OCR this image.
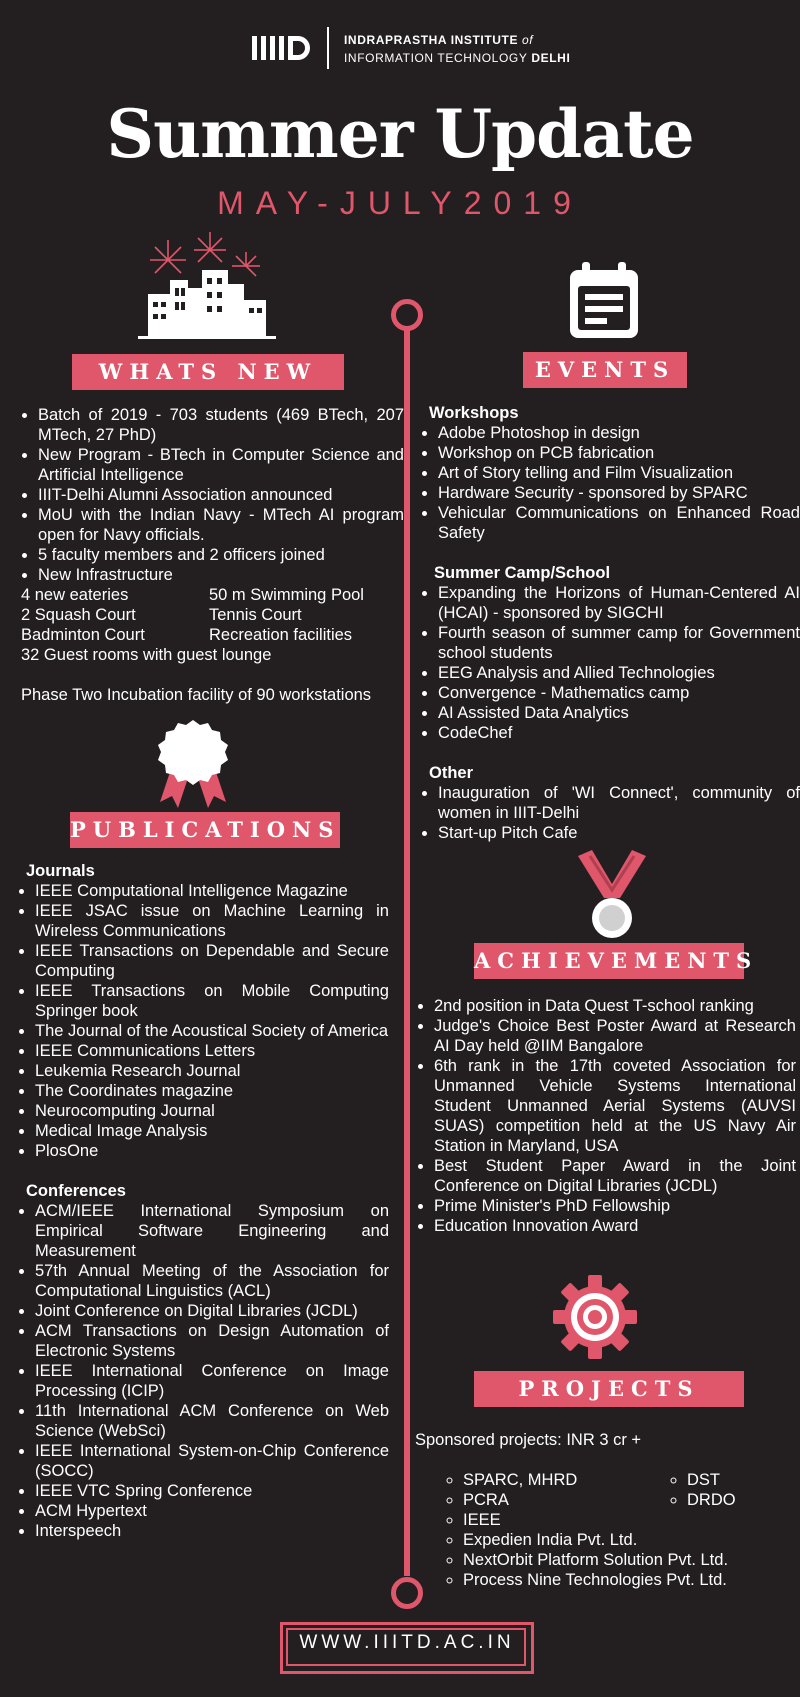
INDRAPRASTHA INSTITUTE of
INFORMATION TECHNOLOGY DELHI
Summer Update
MAY-JULY2019
WHATS NEW	EVENTS
• Batch of 2019 - 703 students (469 BTech, 207 MTech, 27 PhD)
• New Program - BTech in Computer Science and Artificial Intelligence
• IIIT-Delhi Alumni Association announced
• MoU with the Indian Navy - MTech AI program open for Navy officials.
• 5 faculty members and 2 officers joined
• New Infrastructure
4 new eateries	50 m Swimming Pool
2 Squash Court	Tennis Court
Badminton Court	Recreation facilities
32 Guest rooms with guest lounge
Phase Two Incubation facility of 90 workstations
Workshops
• Adobe Photoshop in design
• Workshop on PCB fabrication
• Art of Story telling and Film Visualization
• Hardware Security - sponsored by SPARC
• Vehicular Communications on Enhanced Road Safety
Summer Camp/School
• Expanding the Horizons of Human-Centered AI (HCAI) - sponsored by SIGCHI
• Fourth season of summer camp for Government school students
• EEG Analysis and Allied Technologies
• Convergence - Mathematics camp
• AI Assisted Data Analytics
• CodeChef
Other
• Inauguration of 'WI Connect', community of women in IIIT-Delhi
• Start-up Pitch Cafe
PUBLICATIONS
ACHIEVEMENTS
Journals
• IEEE Computational Intelligence Magazine
• IEEE JSAC issue on Machine Learning in Wireless Communications
• IEEE Transactions on Dependable and Secure Computing
• IEEE Transactions on Mobile Computing Springer book
• The Journal of the Acoustical Society of America
• IEEE Communications Letters
• Leukemia Research Journal
• The Coordinates magazine
• Neurocomputing Journal
• Medical Image Analysis
• PlosOne
Conferences
• ACM/IEEE International Symposium on Empirical Software Engineering and Measurement
• 57th Annual Meeting of the Association for Computational Linguistics (ACL)
• Joint Conference on Digital Libraries (JCDL)
• ACM Transactions on Design Automation of Electronic Systems
• IEEE International Conference on Image Processing (ICIP)
• 11th International ACM Conference on Web Science (WebSci)
• IEEE International System-on-Chip Conference (SOCC)
• IEEE VTC Spring Conference
• ACM Hypertext
• Interspeech
• 2nd position in Data Quest T-school ranking
• Judge's Choice Best Poster Award at Research AI Day held @IIM Bangalore
• 6th rank in the 17th coveted Association for Unmanned Vehicle Systems International Student Unmanned Aerial Systems (AUVSI SUAS) competition held at the US Navy Air Station in Maryland, USA
• Best Student Paper Award in the Joint Conference on Digital Libraries (JCDL)
• Prime Minister's PhD Fellowship
• Education Innovation Award
PROJECTS
Sponsored projects: INR 3 cr +
◦ SPARC, MHRD
◦ PCRA
◦ IEEE
◦ Expedien India Pvt. Ltd.
◦ NextOrbit Platform Solution Pvt. Ltd.
◦ Process Nine Technologies Pvt. Ltd.
◦ DST
◦ DRDO
WWW.IIITD.AC.IN
